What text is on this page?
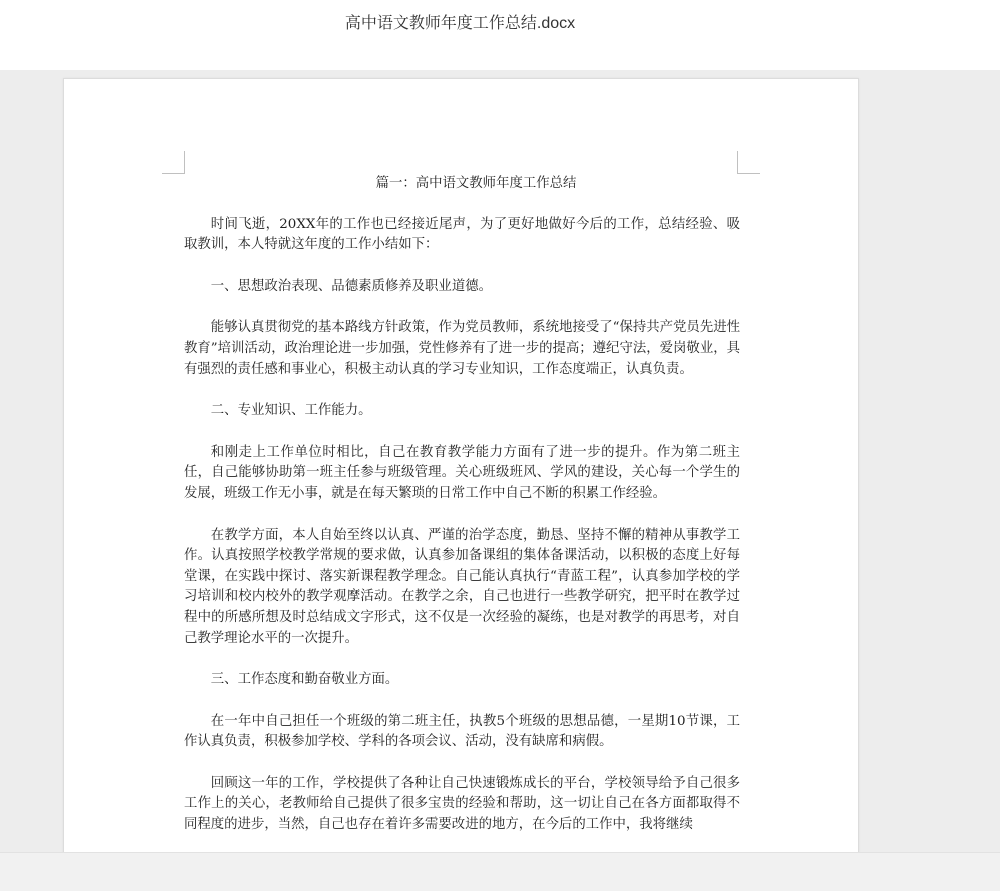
高中语文教师年度工作总结.docx
篇一：高中语文教师年度工作总结

时间飞逝，20XX年的工作也已经接近尾声，为了更好地做好今后的工作，总结经验、吸取教训，本人特就这年度的工作小结如下：

一、思想政治表现、品德素质修养及职业道德。

能够认真贯彻党的基本路线方针政策，作为党员教师，系统地接受了“保持共产党员先进性教育”培训活动，政治理论进一步加强，党性修养有了进一步的提高；遵纪守法，爱岗敬业，具有强烈的责任感和事业心，积极主动认真的学习专业知识，工作态度端正，认真负责。

二、专业知识、工作能力。

和刚走上工作单位时相比，自己在教育教学能力方面有了进一步的提升。作为第二班主任，自己能够协助第一班主任参与班级管理。关心班级班风、学风的建设，关心每一个学生的发展，班级工作无小事，就是在每天繁琐的日常工作中自己不断的积累工作经验。

在教学方面，本人自始至终以认真、严谨的治学态度，勤恳、坚持不懈的精神从事教学工作。认真按照学校教学常规的要求做，认真参加备课组的集体备课活动，以积极的态度上好每堂课，在实践中探讨、落实新课程教学理念。自己能认真执行“青蓝工程”，认真参加学校的学习培训和校内校外的教学观摩活动。在教学之余，自己也进行一些教学研究，把平时在教学过程中的所感所想及时总结成文字形式，这不仅是一次经验的凝练，也是对教学的再思考，对自己教学理论水平的一次提升。

三、工作态度和勤奋敬业方面。

在一年中自己担任一个班级的第二班主任，执教5个班级的思想品德，一星期10节课，工作认真负责，积极参加学校、学科的各项会议、活动，没有缺席和病假。

回顾这一年的工作，学校提供了各种让自己快速锻炼成长的平台，学校领导给予自己很多工作上的关心，老教师给自己提供了很多宝贵的经验和帮助，这一切让自己在各方面都取得不同程度的进步，当然，自己也存在着许多需要改进的地方，在今后的工作中，我将继续
